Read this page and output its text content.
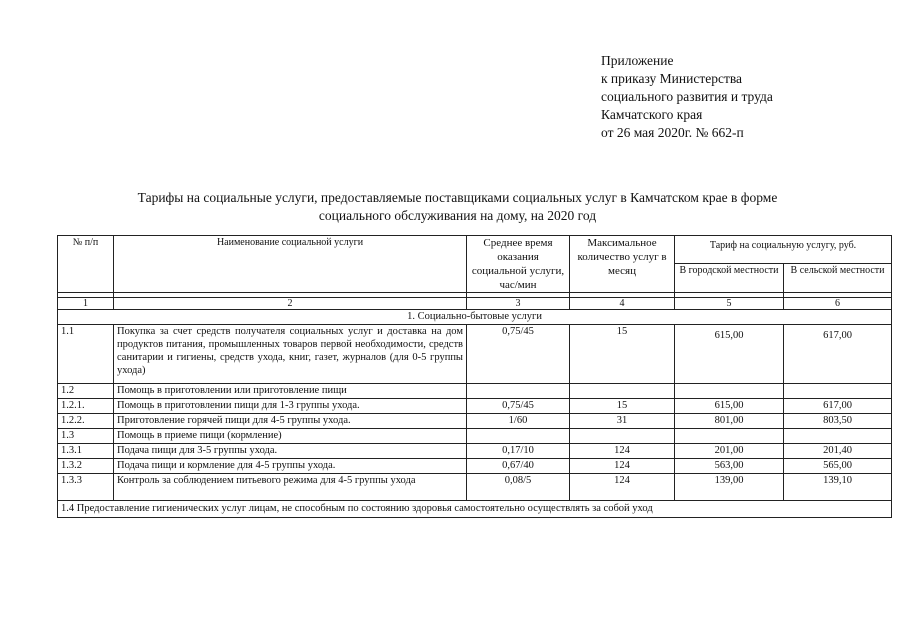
Приложение
к приказу Министерства
социального развития и труда
Камчатского края
от 26 мая 2020г. № 662-п
Тарифы на социальные услуги, предоставляемые поставщиками социальных услуг в Камчатском крае в форме
социального обслуживания на дому, на 2020 год
№ п/п	Наименование социальной услуги	Среднее время оказания социальной услуги, час/мин	Максимальное количество услуг в месяц	Тариф на социальную услугу, руб.	
				В городской местности	В сельской местности

1	2	3	4	5	6
1. Социально-бытовые услуги					
1.1	Покупка за счет средств получателя социальных услуг и доставка на дом продуктов питания, промышленных товаров первой необходимости, средств санитарии и гигиены, средств ухода, книг, газет, журналов (для 0-5 группы ухода)	0,75/45	15	615,00	617,00
1.2	Помощь в приготовлении или приготовление пищи				
1.2.1.	Помощь в приготовлении пищи для 1-3 группы ухода.	0,75/45	15	615,00	617,00
1.2.2.	Приготовление горячей пищи для 4-5 группы ухода.	1/60	31	801,00	803,50
1.3	Помощь в приеме пищи (кормление)				
1.3.1	Подача пищи для 3-5 группы ухода.	0,17/10	124	201,00	201,40
1.3.2	Подача пищи и кормление для 4-5 группы ухода.	0,67/40	124	563,00	565,00
1.3.3	Контроль за соблюдением питьевого режима для 4-5 группы ухода	0,08/5	124	139,00	139,10
1.4 Предоставление гигиенических услуг лицам, не способным по состоянию здоровья самостоятельно осуществлять за собой уход					
